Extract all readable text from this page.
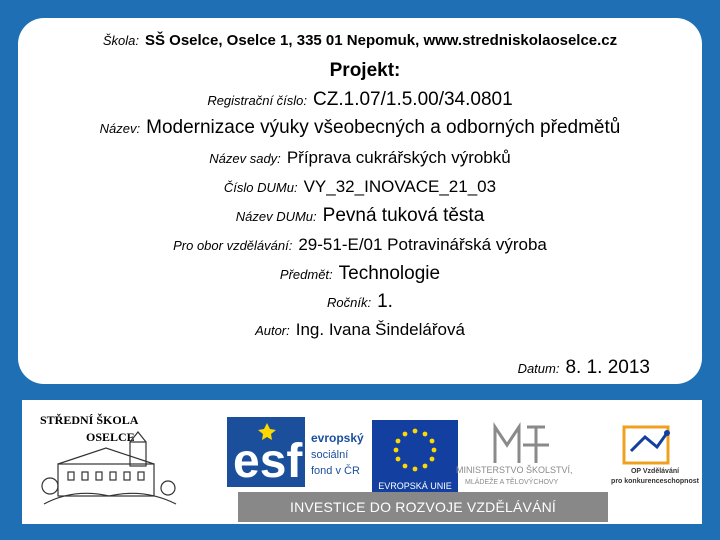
Škola: SŠ Oselce, Oselce 1, 335 01 Nepomuk, www.stredniskolaoselce.cz
Projekt:
Registrační číslo: CZ.1.07/1.5.00/34.0801
Název: Modernizace výuky všeobecných a odborných předmětů
Název sady: Příprava cukrářských výrobků
Číslo DUMu: VY_32_INOVACE_21_03
Název DUMu: Pevná tuková těsta
Pro obor vzdělávání: 29-51-E/01 Potravinářská výroba
Předmět: Technologie
Ročník: 1.
Autor: Ing. Ivana Šindelářová
Datum: 8. 1. 2013
STŘEDNÍ ŠKOLA
OSELCE esf evropský
sociální
fond v ČR
EVROPSKÁ UNIE
MINISTERSTVO ŠKOLSTVÍ,
MLÁDEŽE A TĚLOVÝCHOVY
OP Vzdělávání
pro konkurenceschopnost
INVESTICE DO ROZVOJE VZDĚLÁVÁNÍ
